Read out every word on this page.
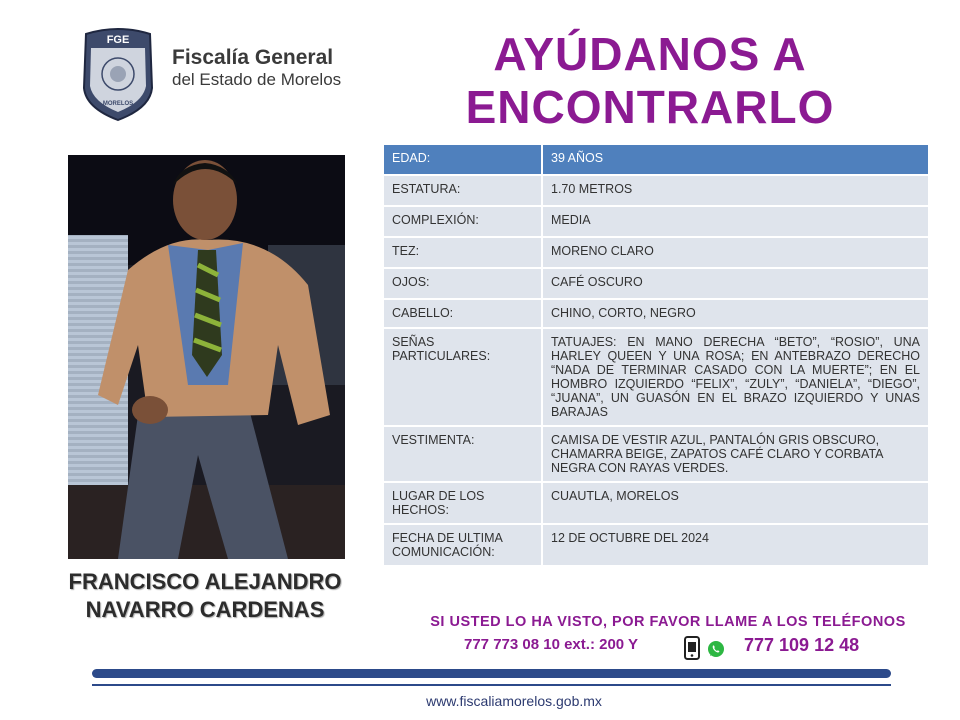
FGE
MORELOS
Fiscalía General
del Estado de Morelos	AYÚDANOS A
ENCONTRARLO
FRANCISCO ALEJANDRO
NAVARRO CARDENAS
EDAD:	39 AÑOS
ESTATURA:	1.70 METROS
COMPLEXIÓN:	MEDIA
TEZ:	MORENO CLARO
OJOS:	CAFÉ OSCURO
CABELLO:	CHINO, CORTO, NEGRO
SEÑAS PARTICULARES:	TATUAJES: EN MANO DERECHA “BETO”, “ROSIO”, UNA HARLEY QUEEN Y UNA ROSA; EN ANTEBRAZO DERECHO “NADA DE TERMINAR CASADO CON LA MUERTE”; EN EL HOMBRO IZQUIERDO “FELIX”, “ZULY”, “DANIELA”, “DIEGO”, “JUANA”, UN GUASÓN EN EL BRAZO IZQUIERDO Y UNAS BARAJAS
VESTIMENTA:	CAMISA DE VESTIR AZUL, PANTALÓN GRIS OBSCURO, CHAMARRA BEIGE, ZAPATOS CAFÉ CLARO Y CORBATA NEGRA CON RAYAS VERDES.
LUGAR DE LOS HECHOS:	CUAUTLA, MORELOS
FECHA DE ULTIMA COMUNICACIÓN:	12 DE OCTUBRE DEL 2024
SI USTED LO HA VISTO, POR FAVOR LLAME A LOS TELÉFONOS
777 773 08 10 ext.: 200 Y	777 109 12 48
www.fiscaliamorelos.gob.mx
